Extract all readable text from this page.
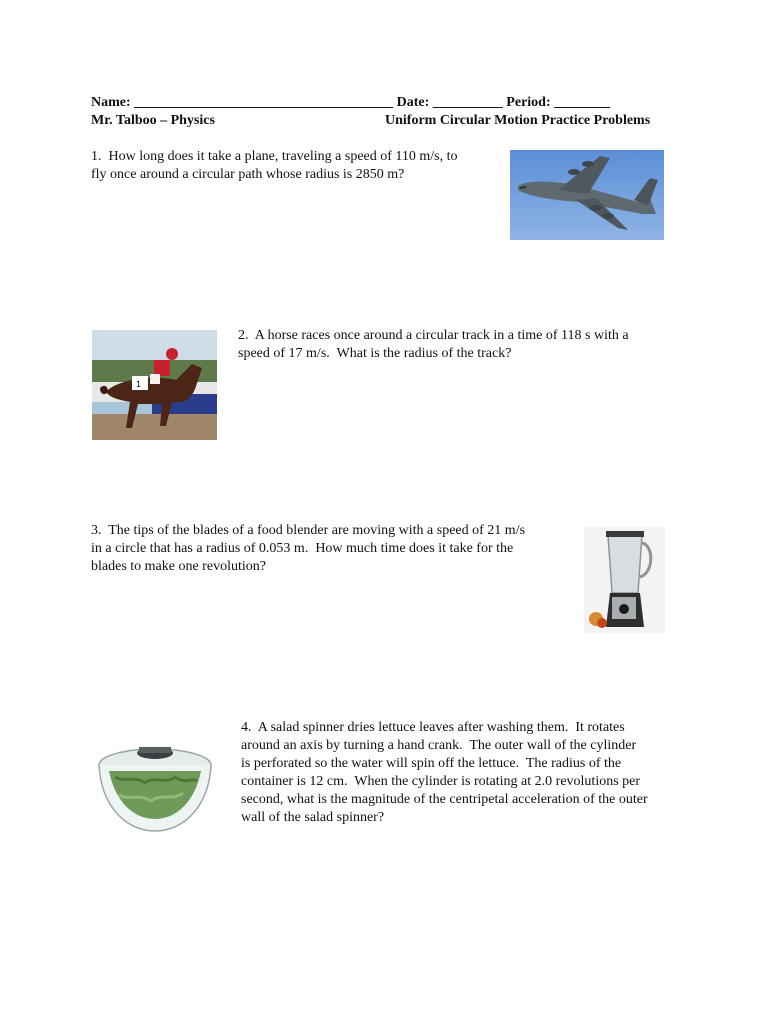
Name: _____________________________________ Date: __________ Period: ________
Mr. Talboo – Physics	Uniform Circular Motion Practice Problems
1.  How long does it take a plane, traveling a speed of 110 m/s, to
fly once around a circular path whose radius is 2850 m?
1
2.  A horse races once around a circular track in a time of 118 s with a
speed of 17 m/s.  What is the radius of the track?
3.  The tips of the blades of a food blender are moving with a speed of 21 m/s
in a circle that has a radius of 0.053 m.  How much time does it take for the
blades to make one revolution?
4.  A salad spinner dries lettuce leaves after washing them.  It rotates
around an axis by turning a hand crank.  The outer wall of the cylinder
is perforated so the water will spin off the lettuce.  The radius of the
container is 12 cm.  When the cylinder is rotating at 2.0 revolutions per
second, what is the magnitude of the centripetal acceleration of the outer
wall of the salad spinner?
